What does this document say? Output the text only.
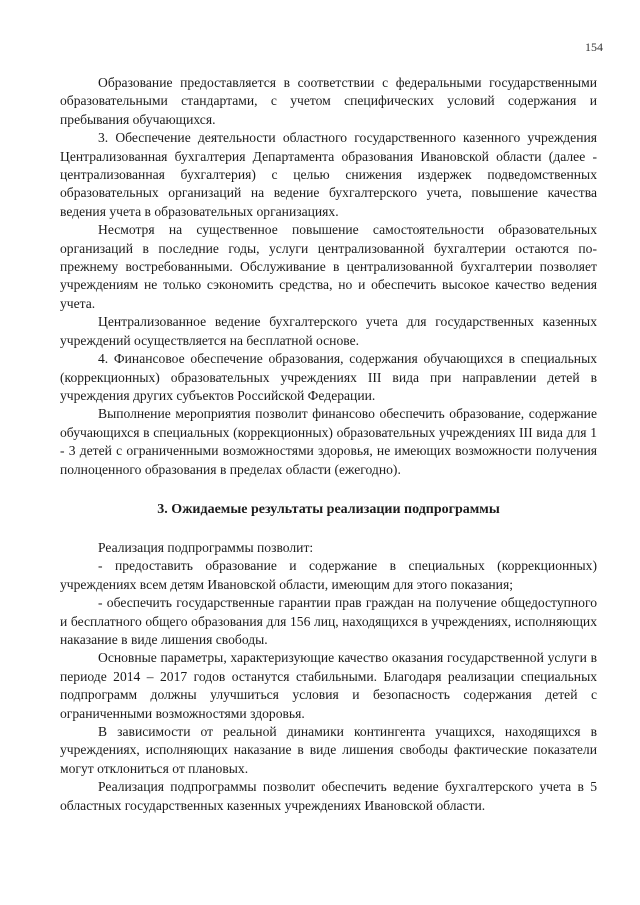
154

Образование предоставляется в соответствии с федеральными государственными образовательными стандартами, с учетом специфических условий содержания и пребывания обучающихся.

3. Обеспечение деятельности областного государственного казенного учреждения Централизованная бухгалтерия Департамента образования Ивановской области (далее - централизованная бухгалтерия) с целью снижения издержек подведомственных образовательных организаций на ведение бухгалтерского учета, повышение качества ведения учета в образовательных организациях.

Несмотря на существенное повышение самостоятельности образовательных организаций в последние годы, услуги централизованной бухгалтерии остаются по-прежнему востребованными. Обслуживание в централизованной бухгалтерии позволяет учреждениям не только сэкономить средства, но и обеспечить высокое качество ведения учета.

Централизованное ведение бухгалтерского учета для государственных казенных учреждений осуществляется на бесплатной основе.

4. Финансовое обеспечение образования, содержания обучающихся в специальных (коррекционных) образовательных учреждениях III вида при направлении детей в учреждения других субъектов Российской Федерации.

Выполнение мероприятия позволит финансово обеспечить образование, содержание обучающихся в специальных (коррекционных) образовательных учреждениях III вида для 1 - 3 детей с ограниченными возможностями здоровья, не имеющих возможности получения полноценного образования в пределах области (ежегодно).

3. Ожидаемые результаты реализации подпрограммы

Реализация подпрограммы позволит:

- предоставить образование и содержание в специальных (коррекционных) учреждениях всем детям Ивановской области, имеющим для этого показания;

- обеспечить государственные гарантии прав граждан на получение общедоступного и бесплатного общего образования для 156 лиц, находящихся в учреждениях, исполняющих наказание в виде лишения свободы.

Основные параметры, характеризующие качество оказания государственной услуги в периоде 2014 – 2017 годов останутся стабильными. Благодаря реализации специальных подпрограмм должны улучшиться условия и безопасность содержания детей с ограниченными возможностями здоровья.

В зависимости от реальной динамики контингента учащихся, находящихся в учреждениях, исполняющих наказание в виде лишения свободы фактические показатели могут отклониться от плановых.

Реализация подпрограммы позволит обеспечить ведение бухгалтерского учета в 5 областных государственных казенных учреждениях Ивановской области.
